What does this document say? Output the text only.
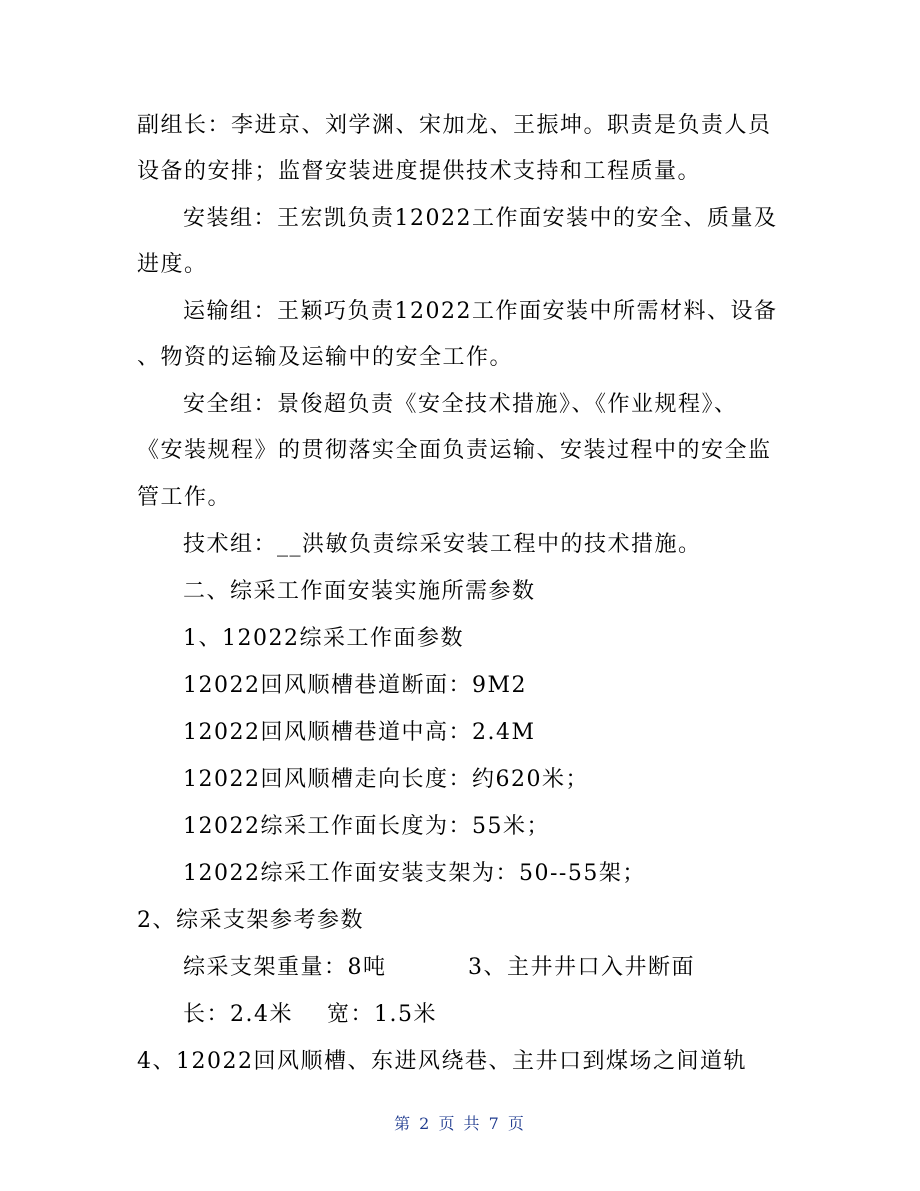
副组长：李进京、刘学渊、宋加龙、王振坤。职责是负责人员
设备的安排；监督安装进度提供技术支持和工程质量。
安装组：王宏凯负责12022工作面安装中的安全、质量及
进度。
运输组：王颖巧负责12022工作面安装中所需材料、设备
、物资的运输及运输中的安全工作。
安全组：景俊超负责《安全技术措施》、《作业规程》、
《安装规程》的贯彻落实全面负责运输、安装过程中的安全监
管工作。
技术组：__洪敏负责综采安装工程中的技术措施。
二、综采工作面安装实施所需参数
1、12022综采工作面参数
12022回风顺槽巷道断面：9M2
12022回风顺槽巷道中高：2.4M
12022回风顺槽走向长度：约620米；
12022综采工作面长度为：55米；
12022综采工作面安装支架为：50--55架；
2、综采支架参考参数
综采支架重量：8吨	3、主井井口入井断面
长：2.4米 宽：1.5米
4、12022回风顺槽、东进风绕巷、主井口到煤场之间道轨
第 2 页 共 7 页
